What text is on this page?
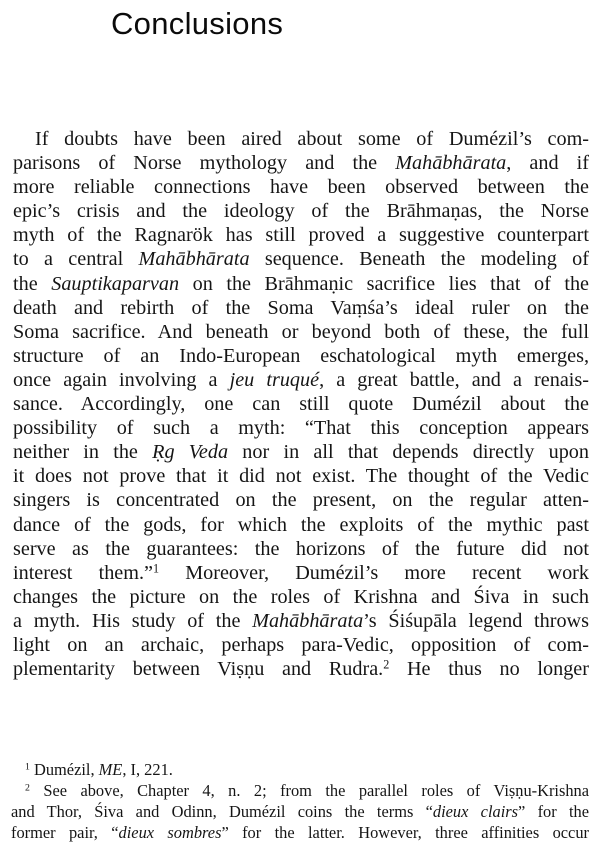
Conclusions
If doubts have been aired about some of Dumézil’s com-
parisons of Norse mythology and the Mahābhārata, and if
more reliable connections have been observed between the
epic’s crisis and the ideology of the Brāhmaṇas, the Norse
myth of the Ragnarök has still proved a suggestive counterpart
to a central Mahābhārata sequence. Beneath the modeling of
the Sauptikaparvan on the Brāhmaṇic sacrifice lies that of the
death and rebirth of the Soma Vaṃśa’s ideal ruler on the
Soma sacrifice. And beneath or beyond both of these, the full
structure of an Indo-European eschatological myth emerges,
once again involving a jeu truqué, a great battle, and a renais-
sance. Accordingly, one can still quote Dumézil about the
possibility of such a myth: “That this conception appears
neither in the Ṛg Veda nor in all that depends directly upon
it does not prove that it did not exist. The thought of the Vedic
singers is concentrated on the present, on the regular atten-
dance of the gods, for which the exploits of the mythic past
serve as the guarantees: the horizons of the future did not
interest them.”$^1$ Moreover, Dumézil’s more recent work
changes the picture on the roles of Krishna and Śiva in such
a myth. His study of the Mahābhārata’s Śiśupāla legend throws
light on an archaic, perhaps para-Vedic, opposition of com-
plementarity between Viṣṇu and Rudra.$^2$ He thus no longer
$^1$ Dumézil, ME, I, 221.
$^2$ See above, Chapter 4, n. 2; from the parallel roles of Viṣṇu-Krishna
and Thor, Śiva and Odinn, Dumézil coins the terms “dieux clairs” for the
former pair, “dieux sombres” for the latter. However, three affinities occur
